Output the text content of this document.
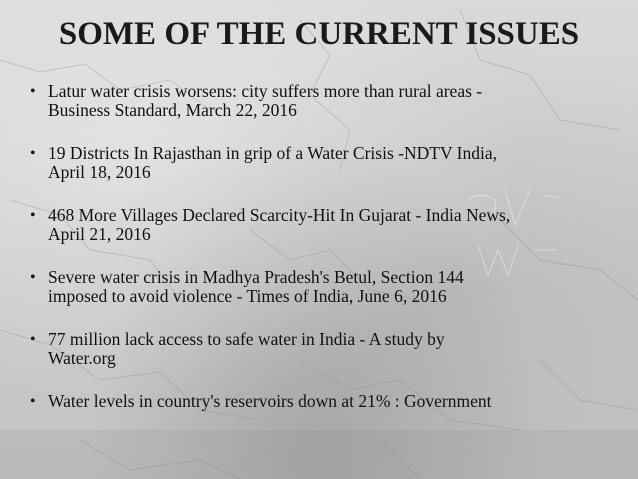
SOME OF THE CURRENT ISSUES
• Latur water crisis worsens: city suffers more than rural areas -
Business Standard, March 22, 2016
• 19 Districts In Rajasthan in grip of a Water Crisis -NDTV India,
April 18, 2016
• 468 More Villages Declared Scarcity-Hit In Gujarat - India News,
April 21, 2016
• Severe water crisis in Madhya Pradesh's Betul, Section 144
imposed to avoid violence - Times of India, June 6, 2016
• 77 million lack access to safe water in India - A study by
Water.org
• Water levels in country's reservoirs down at 21% : Government
